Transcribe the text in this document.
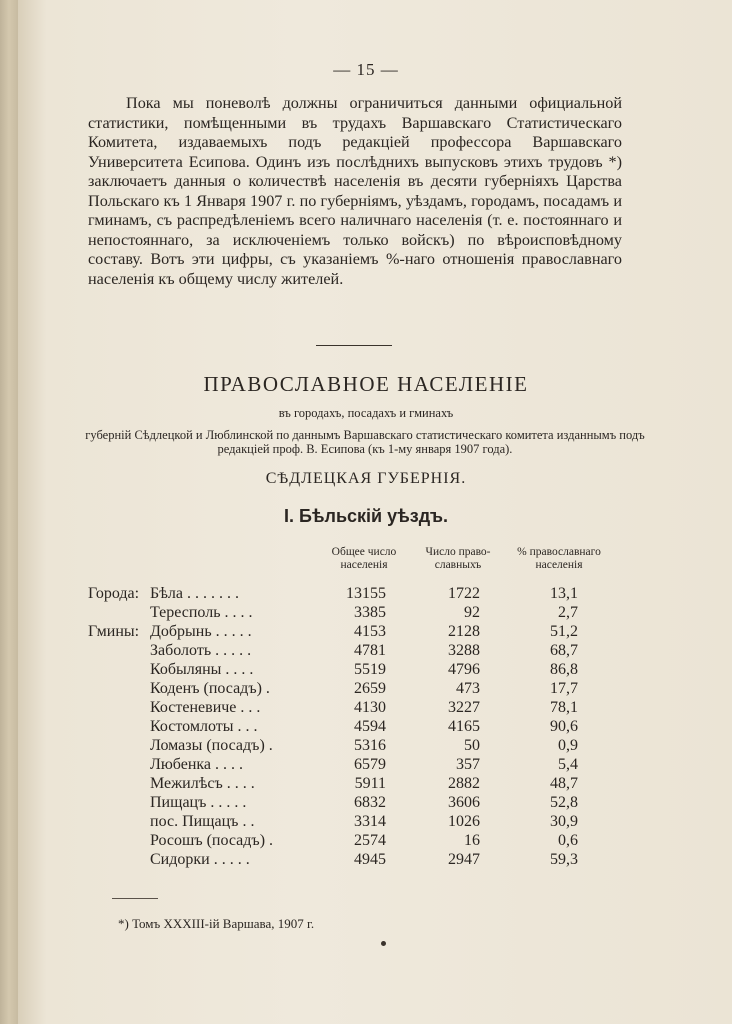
— 15 —

Пока мы поневолѣ должны ограничиться данными официальной статистики, помѣщенными въ трудахъ Варшавскаго Статистическаго Комитета, издаваемыхъ подъ редакціей профессора Варшавскаго Университета Есипова. Одинъ изъ послѣднихъ выпусковъ этихъ трудовъ *) заключаетъ данныя о количествѣ населенія въ десяти губерніяхъ Царства Польскаго къ 1 Января 1907 г. по губерніямъ, уѣздамъ, городамъ, посадамъ и гминамъ, съ распредѣленіемъ всего наличнаго населенія (т. е. постояннаго и непостояннаго, за исключеніемъ только войскъ) по вѣроисповѣдному составу. Вотъ эти цифры, съ указаніемъ %-наго отношенія православнаго населенія къ общему числу жителей.

ПРАВОСЛАВНОЕ НАСЕЛЕНІЕ
въ городахъ, посадахъ и гминахъ
губерній Сѣдлецкой и Люблинской по даннымъ Варшавскаго статистическаго комитета изданнымъ подъ редакціей проф. В. Есипова (къ 1-му января 1907 года).
СѢДЛЕЦКАЯ ГУБЕРНІЯ.
I. Бѣльскій уѣздъ.
Общее число населенія
Число право- славныхъ
% православнаго населенія
Города: Бѣла . . . . . . .	13155	1722	13,1
Тересполь . . . .	3385	92	2,7
Гмины: Добрынь . . . . .	4153	2128	51,2
Заболоть . . . . .	4781	3288	68,7
Кобыляны . . . .	5519	4796	86,8
Коденъ (посадъ) .	2659	473	17,7
Костеневиче . . .	4130	3227	78,1
Костомлоты . . .	4594	4165	90,6
Ломазы (посадъ) .	5316	50	0,9
Любенка . . . .	6579	357	5,4
Межилѣсъ . . . .	5911	2882	48,7
Пищацъ . . . . .	6832	3606	52,8
пос. Пищацъ . .	3314	1026	30,9
Росошъ (посадъ) .	2574	16	0,6
Сидорки . . . . .	4945	2947	59,3
*) Томъ XXXIII-ій Варшава, 1907 г.
